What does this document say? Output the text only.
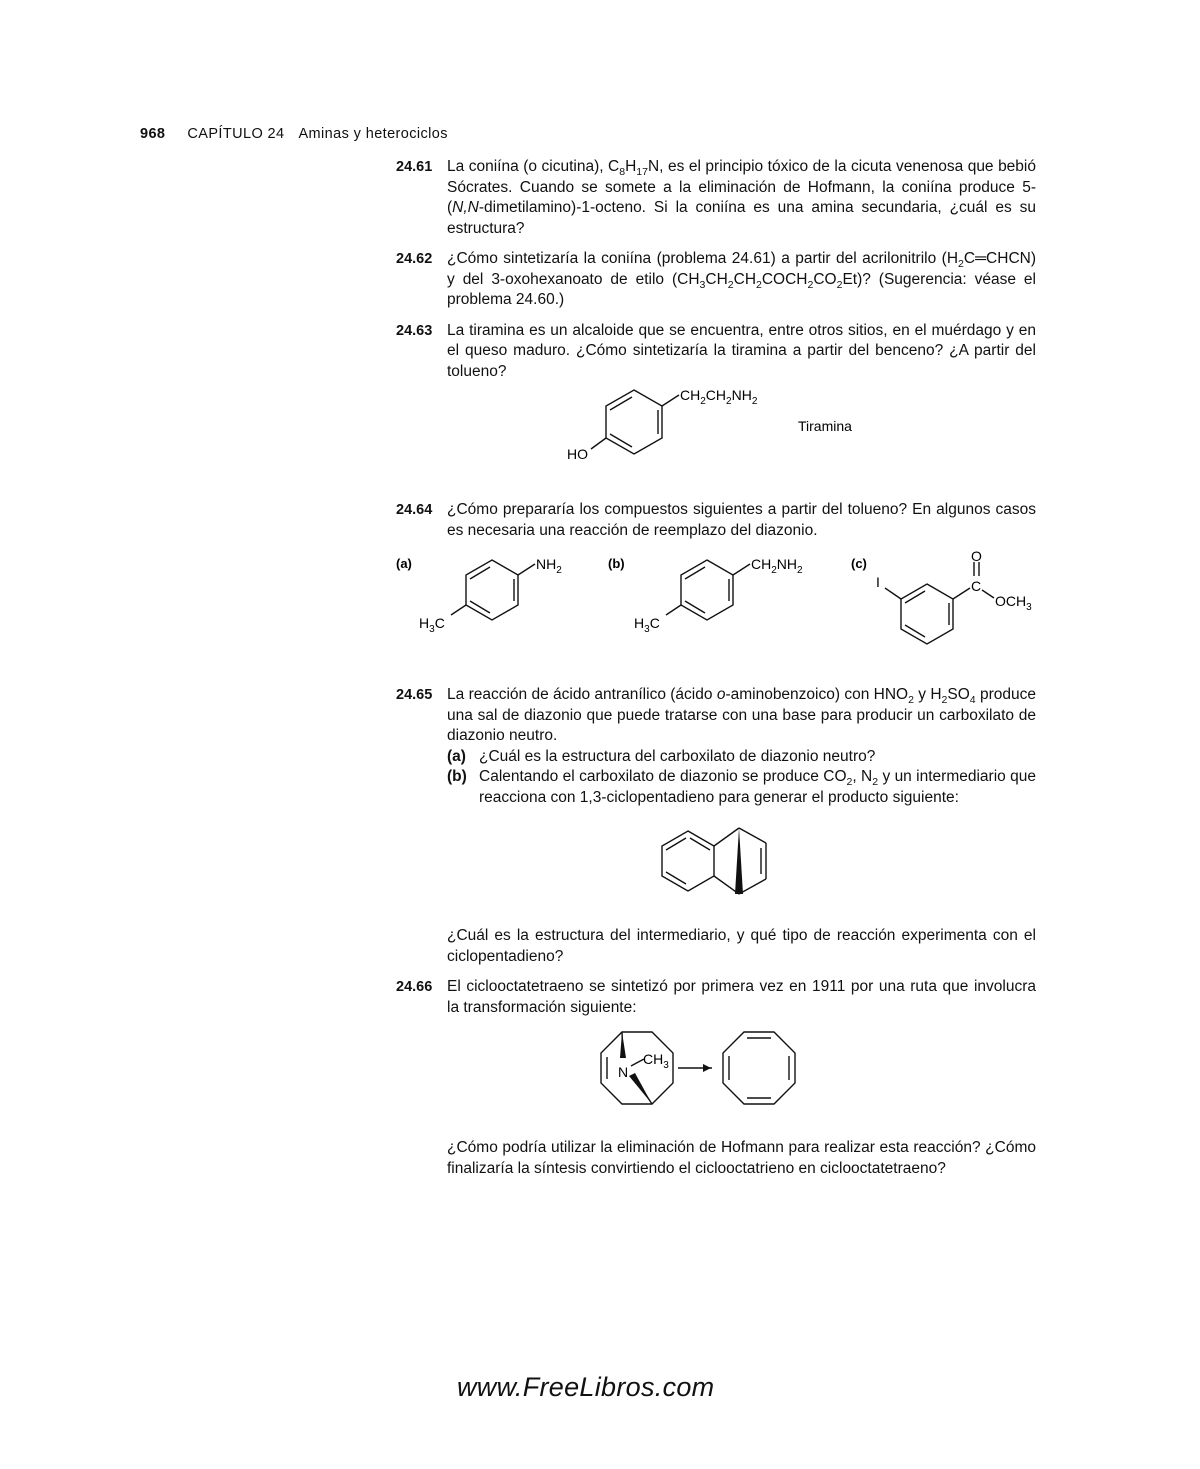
968 CAPÍTULO 24 Aminas y heterociclos
24.61 La coniína (o cicutina), $C_8H_{17}N$, es el principio tóxico de la cicuta venenosa que bebió Sócrates. Cuando se somete a la eliminación de Hofmann, la coniína produce 5-(N,N-dimetilamino)-1-octeno. Si la coniína es una amina secundaria, ¿cuál es su estructura?
24.62 ¿Cómo sintetizaría la coniína (problema 24.61) a partir del acrilonitrilo $(H_2C═CHCN)$ y del 3-oxohexanoato de etilo $(CH_3CH_2CH_2COCH_2CO_2Et)$? (Sugerencia: véase el problema 24.60.)
24.63 La tiramina es un alcaloide que se encuentra, entre otros sitios, en el muérdago y en el queso maduro. ¿Cómo sintetizaría la tiramina a partir del benceno? ¿A partir del tolueno?
$CH_2CH_2NH_2$
HO
Tiramina
24.64 ¿Cómo prepararía los compuestos siguientes a partir del tolueno? En algunos casos es necesaria una reacción de reemplazo del diazonio.
(a)	$NH_2$
$H_3C$
(b)	$CH_2NH_2$
$H_3C$
(c)	O
C
$OCH_3$
I
24.65 La reacción de ácido antranílico (ácido o-aminobenzoico) con $HNO_2$ y $H_2SO_4$ produce una sal de diazonio que puede tratarse con una base para producir un carboxilato de diazonio neutro.
(a) ¿Cuál es la estructura del carboxilato de diazonio neutro?
(b) Calentando el carboxilato de diazonio se produce $CO_2$, $N_2$ y un intermediario que reacciona con 1,3-ciclopentadieno para generar el producto siguiente:
¿Cuál es la estructura del intermediario, y qué tipo de reacción experimenta con el ciclopentadieno?
24.66 El ciclooctatetraeno se sintetizó por primera vez en 1911 por una ruta que involucra la transformación siguiente:
N
$CH_3$
¿Cómo podría utilizar la eliminación de Hofmann para realizar esta reacción? ¿Cómo finalizaría la síntesis convirtiendo el ciclooctatrieno en ciclooctatetraeno?
www.FreeLibros.com
